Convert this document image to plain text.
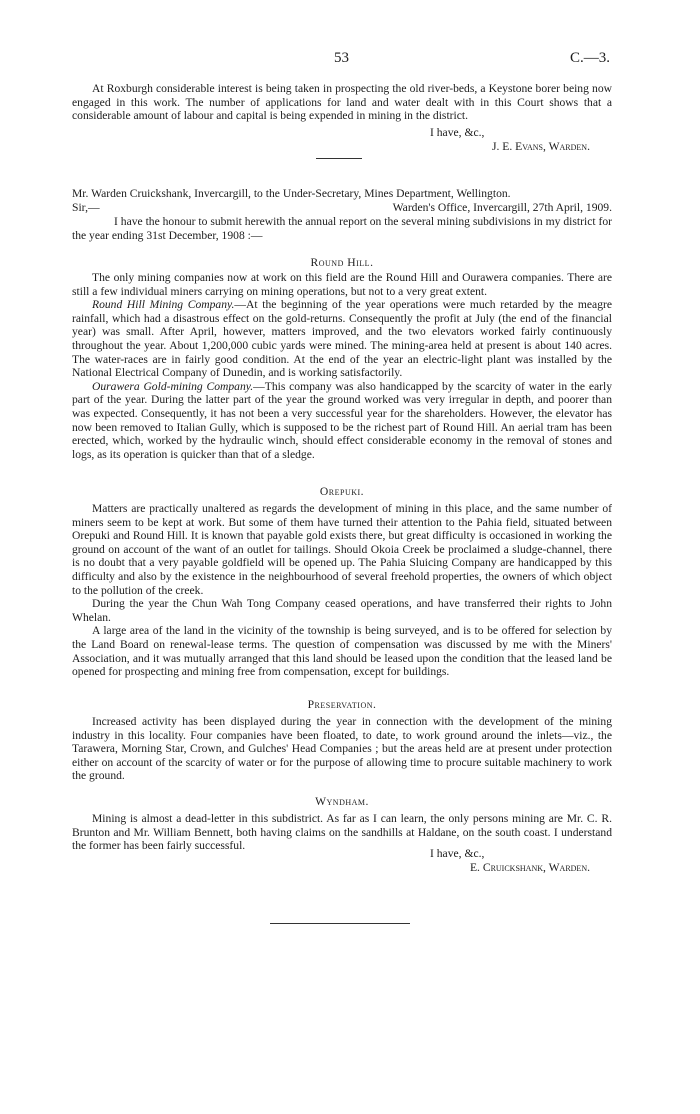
53	C.—3.

At Roxburgh considerable interest is being taken in prospecting the old river-beds, a Keystone borer being now engaged in this work. The number of applications for land and water dealt with in this Court shows that a considerable amount of labour and capital is being expended in mining in the district.

I have, &c.,

J. E. Evans, Warden.

Mr. Warden Cruickshank, Invercargill, to the Under-Secretary, Mines Department, Wellington.
Sir,—	Warden's Office, Invercargill, 27th April, 1909.

I have the honour to submit herewith the annual report on the several mining subdivisions in my district for the year ending 31st December, 1908 :—

Round Hill.

The only mining companies now at work on this field are the Round Hill and Ourawera companies. There are still a few individual miners carrying on mining operations, but not to a very great extent.

Round Hill Mining Company.—At the beginning of the year operations were much retarded by the meagre rainfall, which had a disastrous effect on the gold-returns. Consequently the profit at July (the end of the financial year) was small. After April, however, matters improved, and the two elevators worked fairly continuously throughout the year. About 1,200,000 cubic yards were mined. The mining-area held at present is about 140 acres. The water-races are in fairly good condition. At the end of the year an electric-light plant was installed by the National Electrical Company of Dunedin, and is working satisfactorily.

Ourawera Gold-mining Company.—This company was also handicapped by the scarcity of water in the early part of the year. During the latter part of the year the ground worked was very irregular in depth, and poorer than was expected. Consequently, it has not been a very successful year for the shareholders. However, the elevator has now been removed to Italian Gully, which is supposed to be the richest part of Round Hill. An aerial tram has been erected, which, worked by the hydraulic winch, should effect considerable economy in the removal of stones and logs, as its operation is quicker than that of a sledge.

Orepuki.

Matters are practically unaltered as regards the development of mining in this place, and the same number of miners seem to be kept at work. But some of them have turned their attention to the Pahia field, situated between Orepuki and Round Hill. It is known that payable gold exists there, but great difficulty is occasioned in working the ground on account of the want of an outlet for tailings. Should Okoia Creek be proclaimed a sludge-channel, there is no doubt that a very payable goldfield will be opened up. The Pahia Sluicing Company are handicapped by this difficulty and also by the existence in the neighbourhood of several freehold properties, the owners of which object to the pollution of the creek.

During the year the Chun Wah Tong Company ceased operations, and have transferred their rights to John Whelan.

A large area of the land in the vicinity of the township is being surveyed, and is to be offered for selection by the Land Board on renewal-lease terms. The question of compensation was discussed by me with the Miners' Association, and it was mutually arranged that this land should be leased upon the condition that the leased land be opened for prospecting and mining free from compensation, except for buildings.

Preservation.

Increased activity has been displayed during the year in connection with the development of the mining industry in this locality. Four companies have been floated, to date, to work ground around the inlets—viz., the Tarawera, Morning Star, Crown, and Gulches' Head Companies ; but the areas held are at present under protection either on account of the scarcity of water or for the purpose of allowing time to procure suitable machinery to work the ground.

Wyndham.

Mining is almost a dead-letter in this subdistrict. As far as I can learn, the only persons mining are Mr. C. R. Brunton and Mr. William Bennett, both having claims on the sandhills at Haldane, on the south coast. I understand the former has been fairly successful.

I have, &c.,

E. Cruickshank, Warden.
